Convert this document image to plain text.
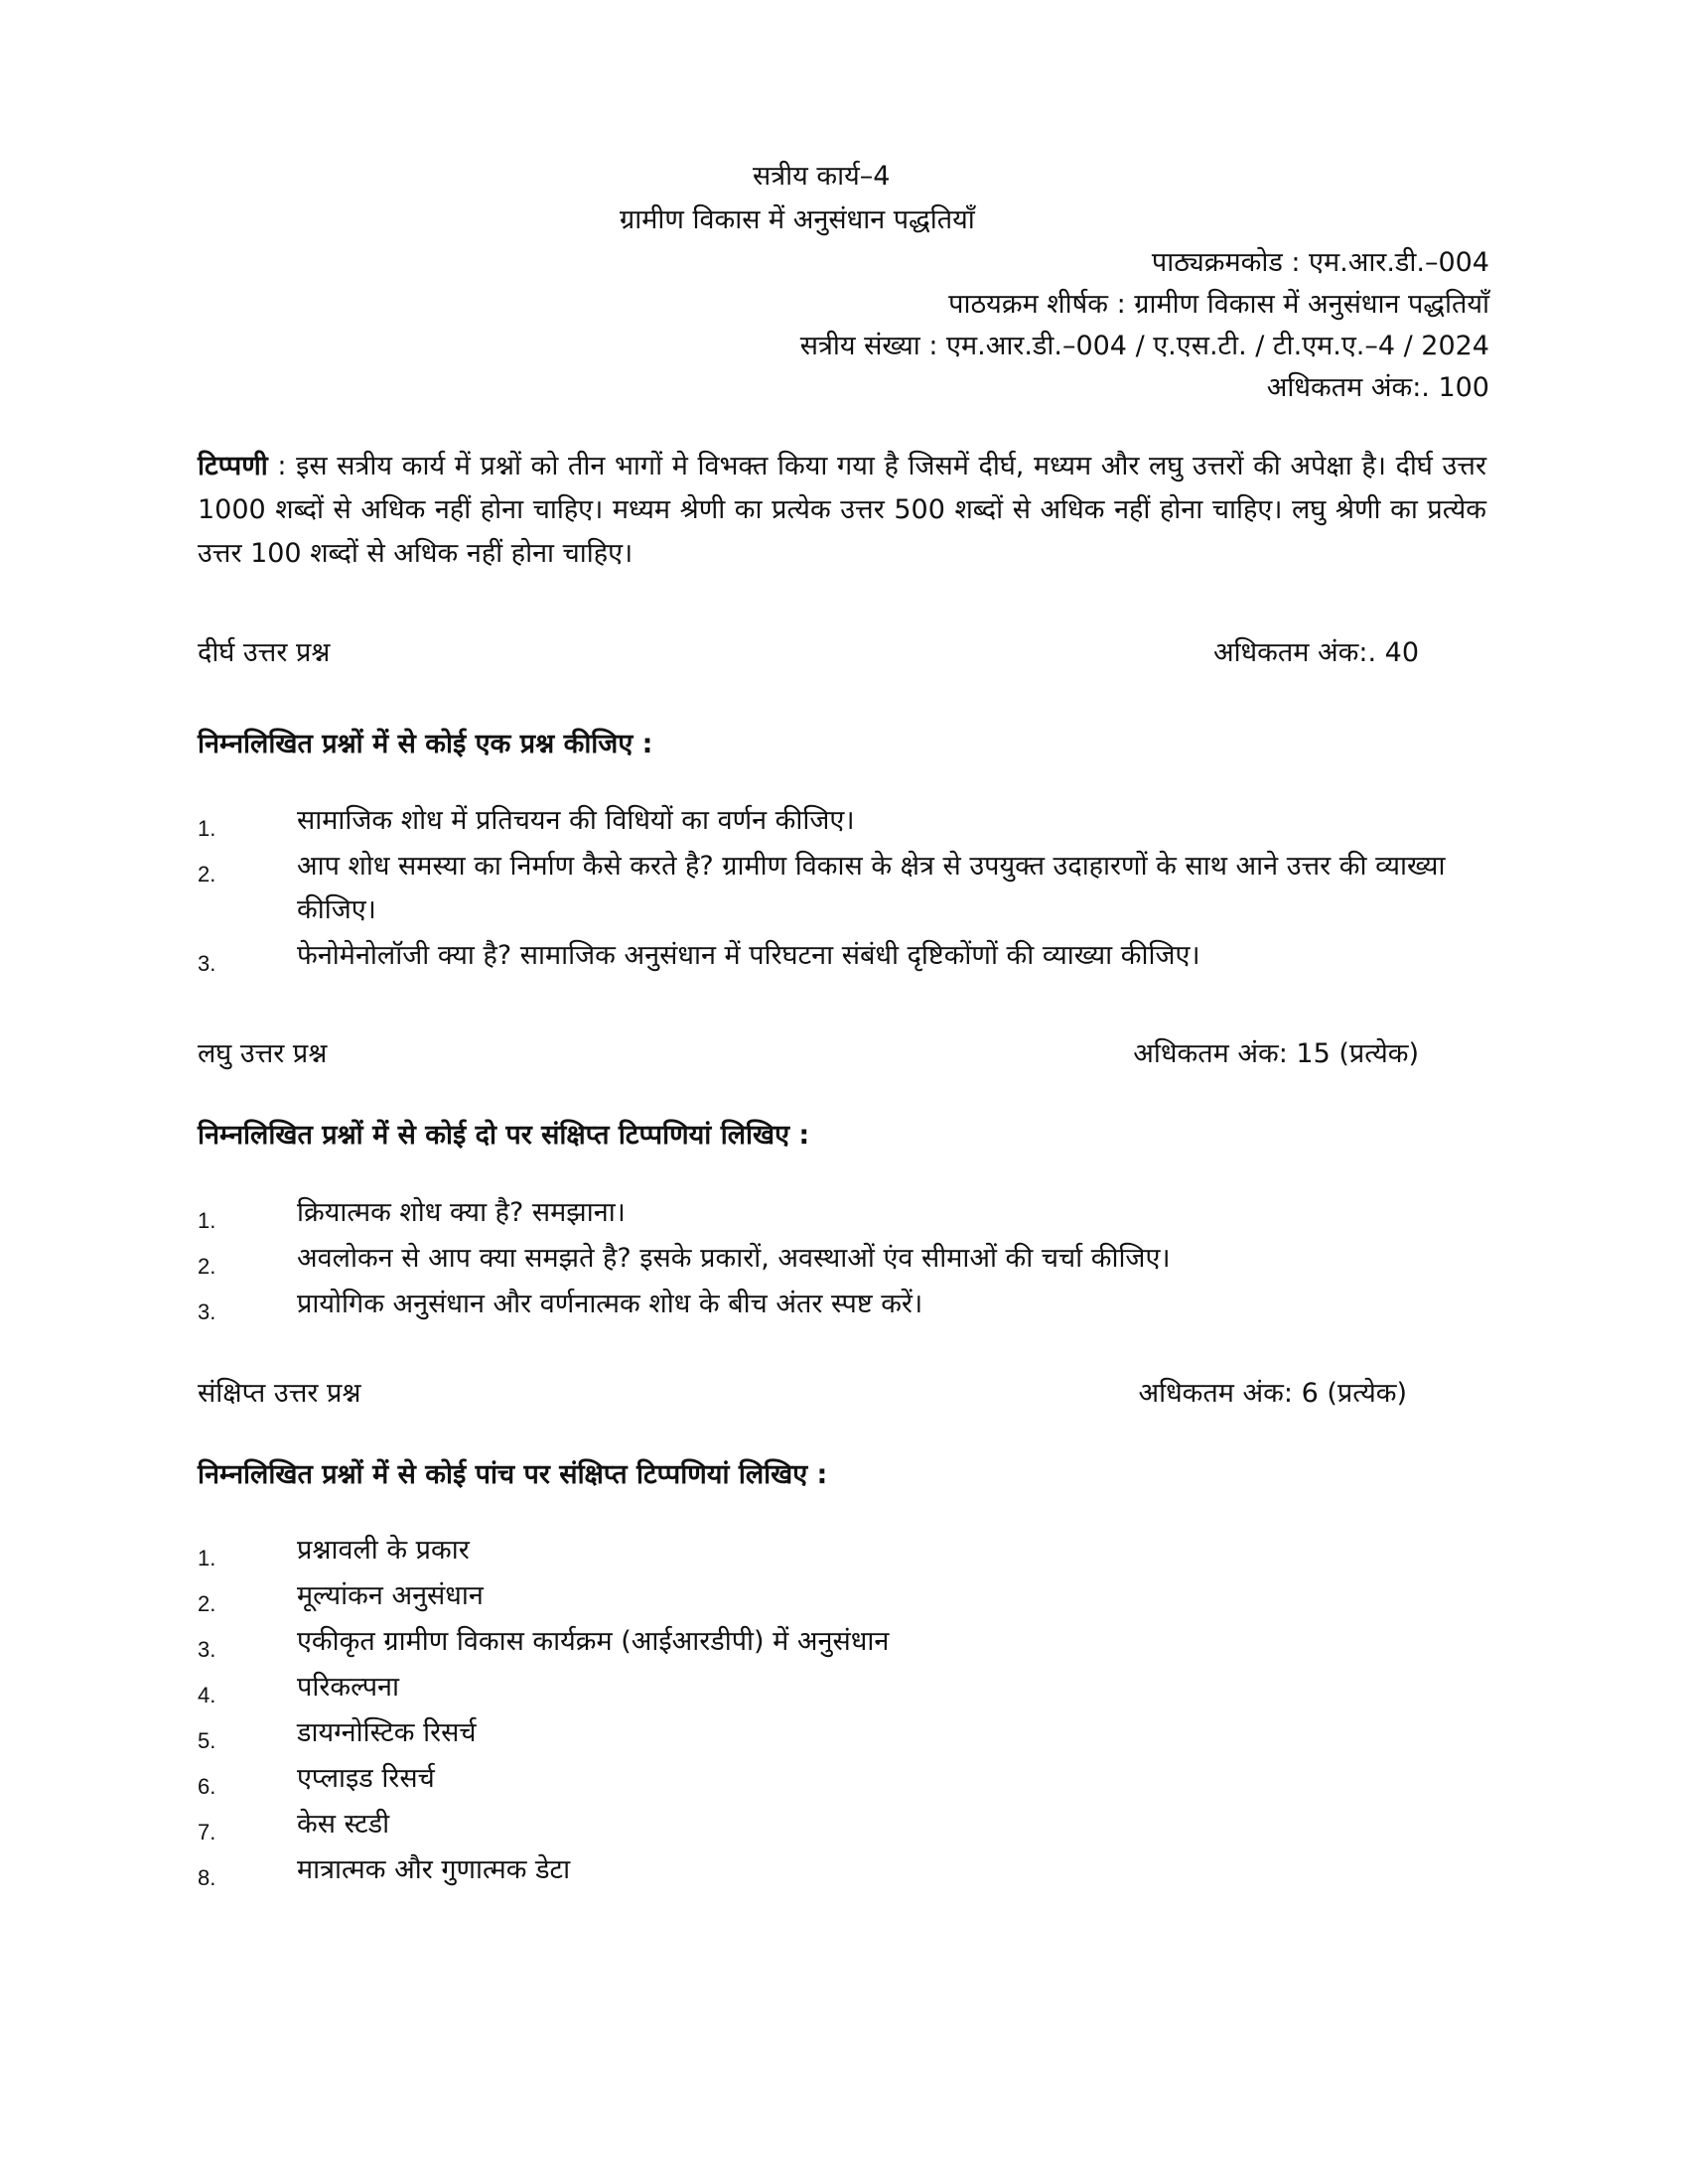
सत्रीय कार्य–4
ग्रामीण विकास में अनुसंधान पद्धतियाँ
पाठ्यक्रमकोड : एम.आर.डी.–004
पाठयक्रम शीर्षक : ग्रामीण विकास में अनुसंधान पद्धतियाँ
सत्रीय संख्या : एम.आर.डी.–004 / ए.एस.टी. / टी.एम.ए.–4 / 2024
अधिकतम अंक:. 100
टिप्पणी : इस सत्रीय कार्य में प्रश्नों को तीन भागों मे विभक्त किया गया है जिसमें दीर्घ, मध्यम और लघु उत्तरों की अपेक्षा है। दीर्घ उत्तर 1000 शब्दों से अधिक नहीं होना चाहिए। मध्यम श्रेणी का प्रत्येक उत्तर 500 शब्दों से अधिक नहीं होना चाहिए। लघु श्रेणी का प्रत्येक उत्तर 100 शब्दों से अधिक नहीं होना चाहिए।
दीर्घ उत्तर प्रश्न	अधिकतम अंक:. 40
निम्नलिखित प्रश्नों में से कोई एक प्रश्न कीजिए :
1.	सामाजिक शोध में प्रतिचयन की विधियों का वर्णन कीजिए।
2.	आप शोध समस्या का निर्माण कैसे करते है? ग्रामीण विकास के क्षेत्र से उपयुक्त उदाहारणों के साथ आने उत्तर की व्याख्या कीजिए।
3.	फेनोमेनोलॉजी क्या है? सामाजिक अनुसंधान में परिघटना संबंधी दृष्टिकोंणों की व्याख्या कीजिए।
लघु उत्तर प्रश्न	अधिकतम अंक: 15 (प्रत्येक)
निम्नलिखित प्रश्नों में से कोई दो पर संक्षिप्त टिप्पणियां लिखिए :
1.	क्रियात्मक शोध क्या है? समझाना।
2.	अवलोकन से आप क्या समझते है? इसके प्रकारों, अवस्थाओं एंव सीमाओं की चर्चा कीजिए।
3.	प्रायोगिक अनुसंधान और वर्णनात्मक शोध के बीच अंतर स्पष्ट करें।
संक्षिप्त उत्तर प्रश्न	अधिकतम अंक: 6 (प्रत्येक)
निम्नलिखित प्रश्नों में से कोई पांच पर संक्षिप्त टिप्पणियां लिखिए :
1.	प्रश्नावली के प्रकार
2.	मूल्यांकन अनुसंधान
3.	एकीकृत ग्रामीण विकास कार्यक्रम (आईआरडीपी) में अनुसंधान
4.	परिकल्पना
5.	डायग्नोस्टिक रिसर्च
6.	एप्लाइड रिसर्च
7.	केस स्टडी
8.	मात्रात्मक और गुणात्मक डेटा
